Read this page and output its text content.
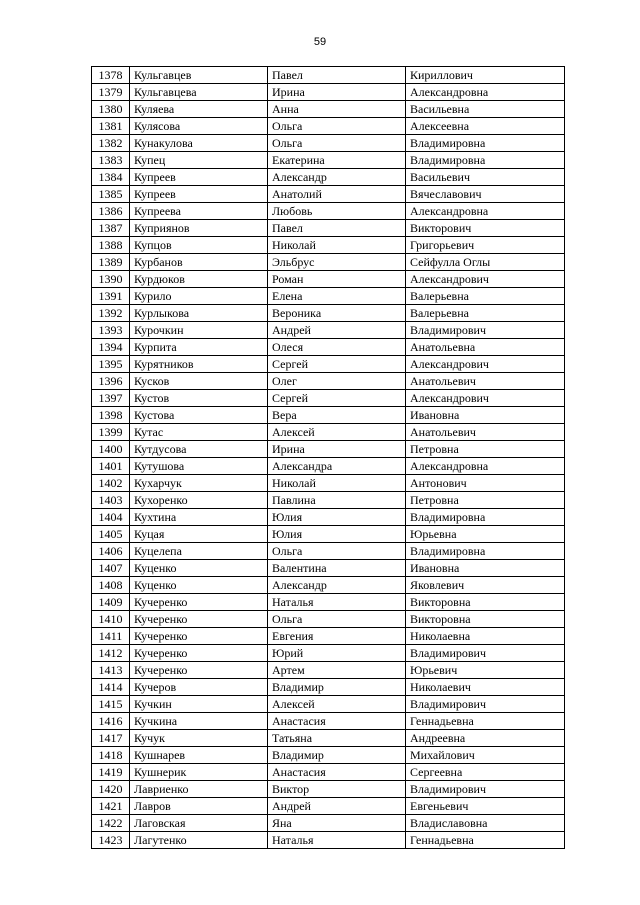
59
1378	Кульгавцев	Павел	Кириллович
1379	Кульгавцева	Ирина	Александровна
1380	Куляева	Анна	Васильевна
1381	Кулясова	Ольга	Алексеевна
1382	Кунакулова	Ольга	Владимировна
1383	Купец	Екатерина	Владимировна
1384	Купреев	Александр	Васильевич
1385	Купреев	Анатолий	Вячеславович
1386	Купреева	Любовь	Александровна
1387	Куприянов	Павел	Викторович
1388	Купцов	Николай	Григорьевич
1389	Курбанов	Эльбрус	Сейфулла Оглы
1390	Курдюков	Роман	Александрович
1391	Курило	Елена	Валерьевна
1392	Курлыкова	Вероника	Валерьевна
1393	Курочкин	Андрей	Владимирович
1394	Курпита	Олеся	Анатольевна
1395	Курятников	Сергей	Александрович
1396	Кусков	Олег	Анатольевич
1397	Кустов	Сергей	Александрович
1398	Кустова	Вера	Ивановна
1399	Кутас	Алексей	Анатольевич
1400	Кутдусова	Ирина	Петровна
1401	Кутушова	Александра	Александровна
1402	Кухарчук	Николай	Антонович
1403	Кухоренко	Павлина	Петровна
1404	Кухтина	Юлия	Владимировна
1405	Куцая	Юлия	Юрьевна
1406	Куцелепа	Ольга	Владимировна
1407	Куценко	Валентина	Ивановна
1408	Куценко	Александр	Яковлевич
1409	Кучеренко	Наталья	Викторовна
1410	Кучеренко	Ольга	Викторовна
1411	Кучеренко	Евгения	Николаевна
1412	Кучеренко	Юрий	Владимирович
1413	Кучеренко	Артем	Юрьевич
1414	Кучеров	Владимир	Николаевич
1415	Кучкин	Алексей	Владимирович
1416	Кучкина	Анастасия	Геннадьевна
1417	Кучук	Татьяна	Андреевна
1418	Кушнарев	Владимир	Михайлович
1419	Кушнерик	Анастасия	Сергеевна
1420	Лавриенко	Виктор	Владимирович
1421	Лавров	Андрей	Евгеньевич
1422	Лаговская	Яна	Владиславовна
1423	Лагутенко	Наталья	Геннадьевна
